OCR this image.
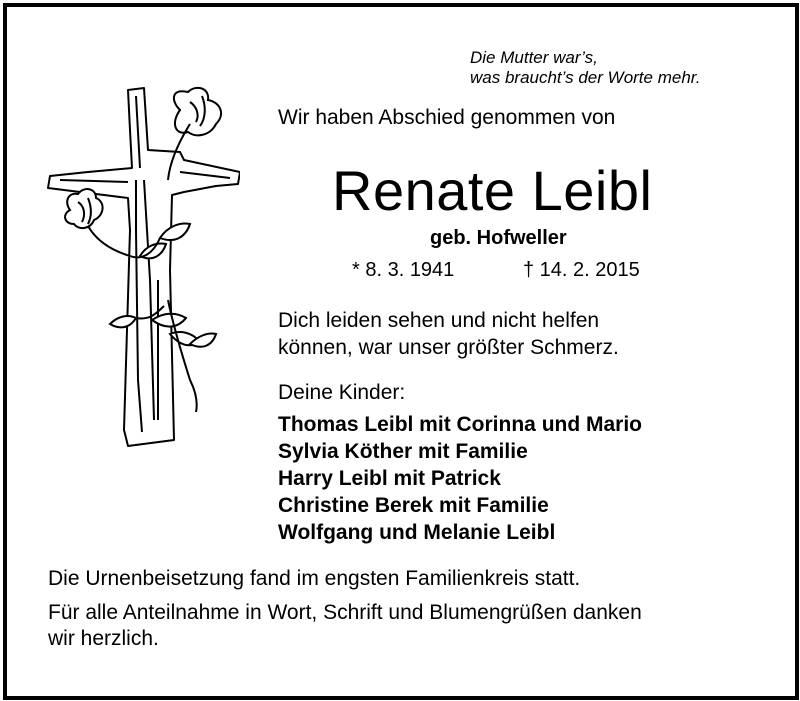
Die Mutter war’s,
was braucht’s der Worte mehr.
Wir haben Abschied genommen von
Renate Leibl
geb. Hofweller
* 8. 3. 1941	† 14. 2. 2015
Dich leiden sehen und nicht helfen
können, war unser größter Schmerz.
Deine Kinder:
Thomas Leibl mit Corinna und Mario
Sylvia Köther mit Familie
Harry Leibl mit Patrick
Christine Berek mit Familie
Wolfgang und Melanie Leibl
Die Urnenbeisetzung fand im engsten Familienkreis statt.
Für alle Anteilnahme in Wort, Schrift und Blumengrüßen danken
wir herzlich.
